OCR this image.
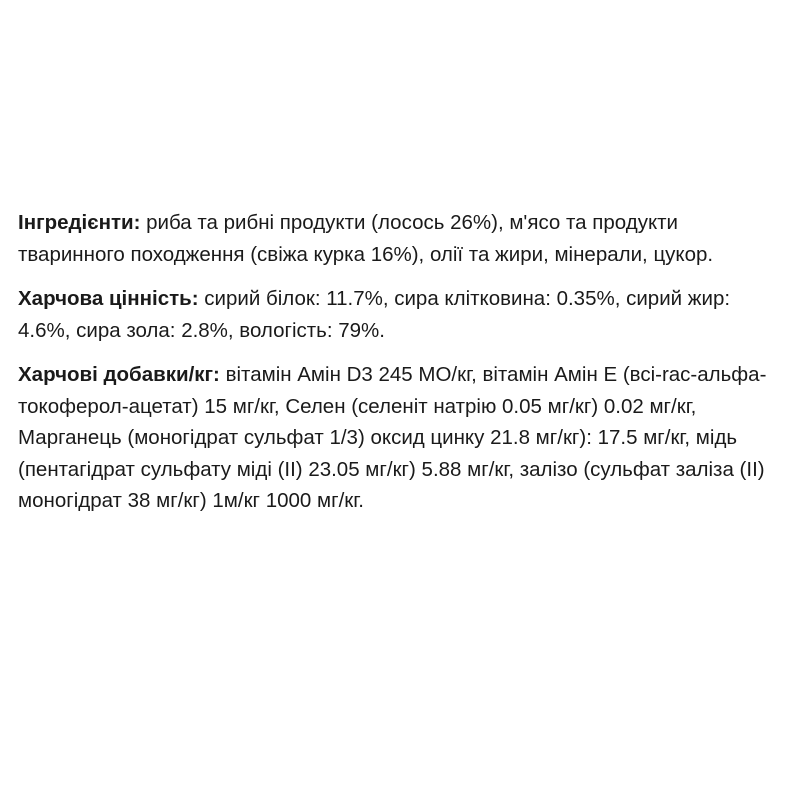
Інгредієнти: риба та рибні продукти (лосось 26%), м'ясо та продукти тваринного походження (свіжа курка 16%), олії та жири, мінерали, цукор.

Харчова цінність: сирий білок: 11.7%, сира клітковина: 0.35%, сирий жир: 4.6%, сира зола: 2.8%, вологість: 79%.

Харчові добавки/кг: вітамін Амін D3 245 МО/кг, вітамін Амін E (всі-rac-альфа-токоферол-ацетат) 15 мг/кг, Селен (селеніт натрію 0.05 мг/кг) 0.02 мг/кг, Марганець (моногідрат сульфат 1/3) оксид цинку 21.8 мг/кг): 17.5 мг/кг, мідь (пентагідрат сульфату міді (II) 23.05 мг/кг) 5.88 мг/кг, залізо (сульфат заліза (II) моногідрат 38 мг/кг) 1м/кг 1000 мг/кг.
